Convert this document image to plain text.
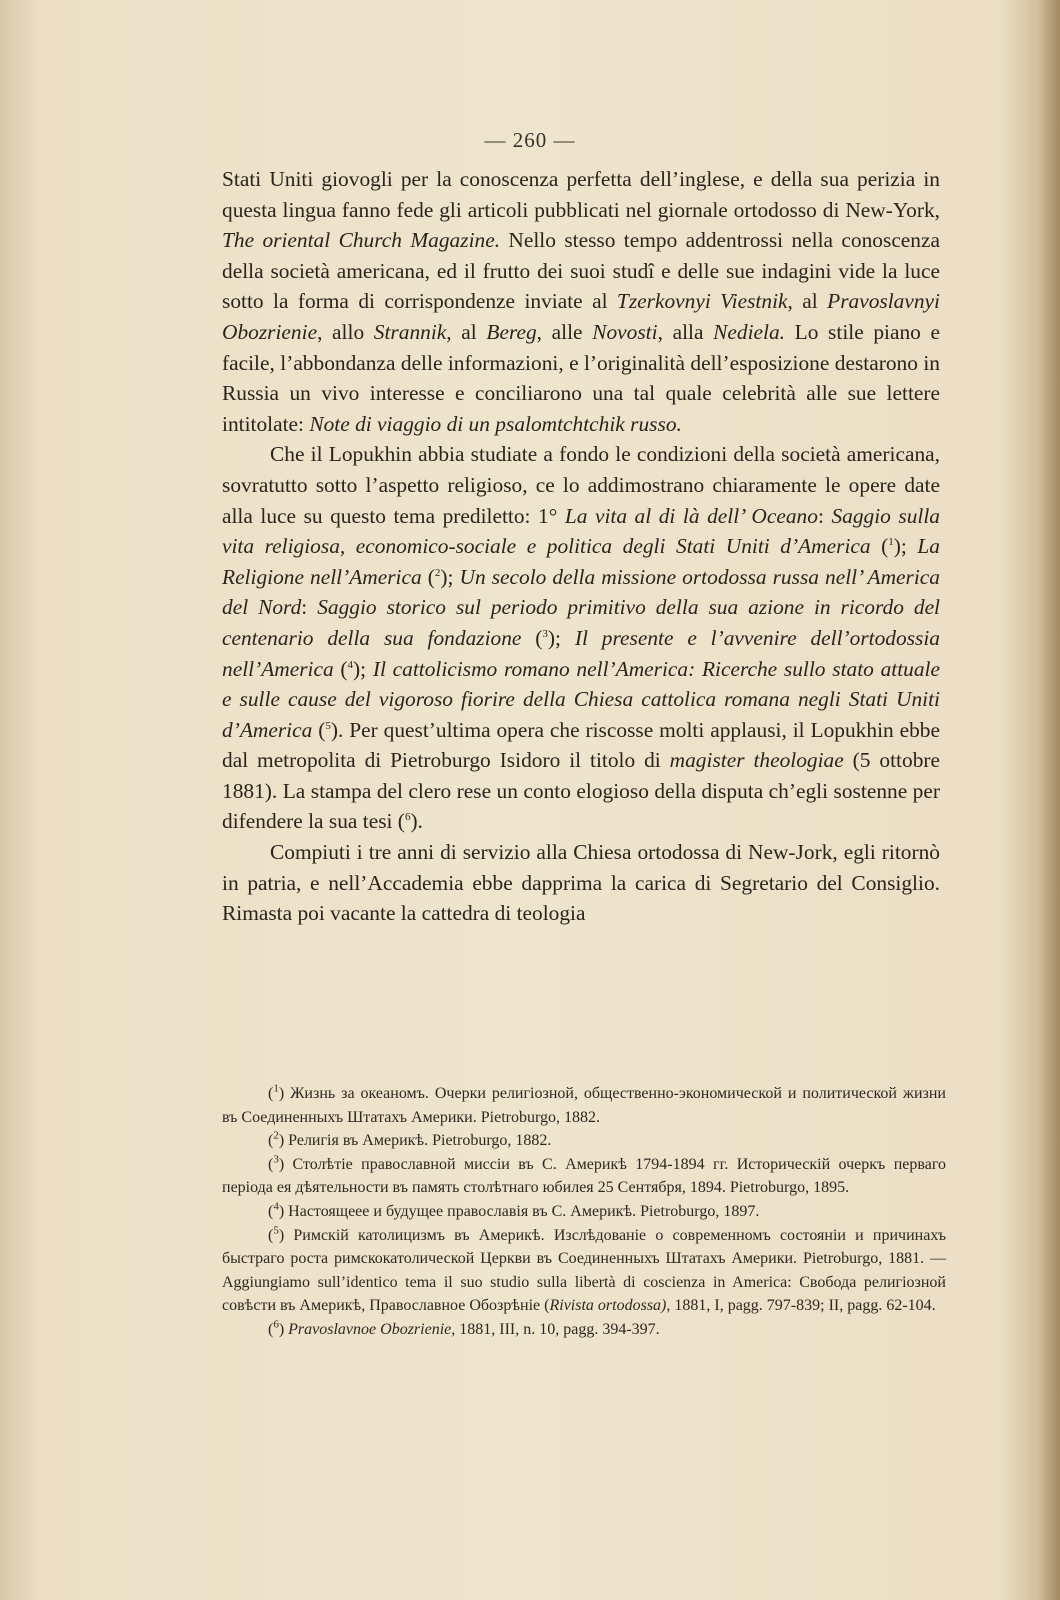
— 260 —

Stati Uniti giovogli per la conoscenza perfetta dell’inglese, e della sua perizia in questa lingua fanno fede gli articoli pubblicati nel giornale ortodosso di New-York, The oriental Church Magazine. Nello stesso tempo addentrossi nella conoscenza della società americana, ed il frutto dei suoi studî e delle sue indagini vide la luce sotto la forma di corrispondenze inviate al Tzerkovnyi Viestnik, al Pravoslavnyi Obozrienie, allo Strannik, al Bereg, alle Novosti, alla Nediela. Lo stile piano e facile, l’abbondanza delle informazioni, e l’originalità dell’esposizione destarono in Russia un vivo interesse e conciliarono una tal quale celebrità alle sue lettere intitolate: Note di viaggio di un psalomtchtchik russo.

Che il Lopukhin abbia studiate a fondo le condizioni della società americana, sovratutto sotto l’aspetto religioso, ce lo addimostrano chiaramente le opere date alla luce su questo tema prediletto: 1° La vita al di là dell’ Oceano: Saggio sulla vita religiosa, economico-sociale e politica degli Stati Uniti d’America ($^1$); La Religione nell’America ($^2$); Un secolo della missione ortodossa russa nell’ America del Nord: Saggio storico sul periodo primitivo della sua azione in ricordo del centenario della sua fondazione ($^3$); Il presente e l’avvenire dell’ortodossia nell’America ($^4$); Il cattolicismo romano nell’America: Ricerche sullo stato attuale e sulle cause del vigoroso fiorire della Chiesa cattolica romana negli Stati Uniti d’America ($^5$). Per quest’ultima opera che riscosse molti applausi, il Lopukhin ebbe dal metropolita di Pietroburgo Isidoro il titolo di magister theologiae (5 ottobre 1881). La stampa del clero rese un conto elogioso della disputa ch’egli sostenne per difendere la sua tesi ($^6$).

Compiuti i tre anni di servizio alla Chiesa ortodossa di New-Jork, egli ritornò in patria, e nell’Accademia ebbe dapprima la carica di Segretario del Consiglio. Rimasta poi vacante la cattedra di teologia

($^1$) Жизнь за океаномъ. Очерки религіозной, общественно-экономической и политической жизни въ Соединенныхъ Штатахъ Америки. Pietroburgo, 1882.

($^2$) Религія въ Америкѣ. Pietroburgo, 1882.

($^3$) Столѣтіе православной миссіи въ С. Америкѣ 1794-1894 гг. Историческій очеркъ перваго періода ея дѣятельности въ память столѣтнаго юбилея 25 Сентября, 1894. Pietroburgo, 1895.

($^4$) Настоящеее и будущее православія въ С. Америкѣ. Pietroburgo, 1897.

($^5$) Римскій католицизмъ въ Америкѣ. Изслѣдованіе о современномъ состояніи и причинахъ быстраго роста римскокатолической Церкви въ Соединенныхъ Штатахъ Америки. Pietroburgo, 1881. — Aggiungiamo sull’identico tema il suo studio sulla libertà di coscienza in America: Свобода религіозной совѣсти въ Америкѣ, Православное Обозрѣніе (Rivista ortodossa), 1881, I, pagg. 797-839; II, pagg. 62-104.

($^6$) Pravoslavnoe Obozrienie, 1881, III, n. 10, pagg. 394-397.
